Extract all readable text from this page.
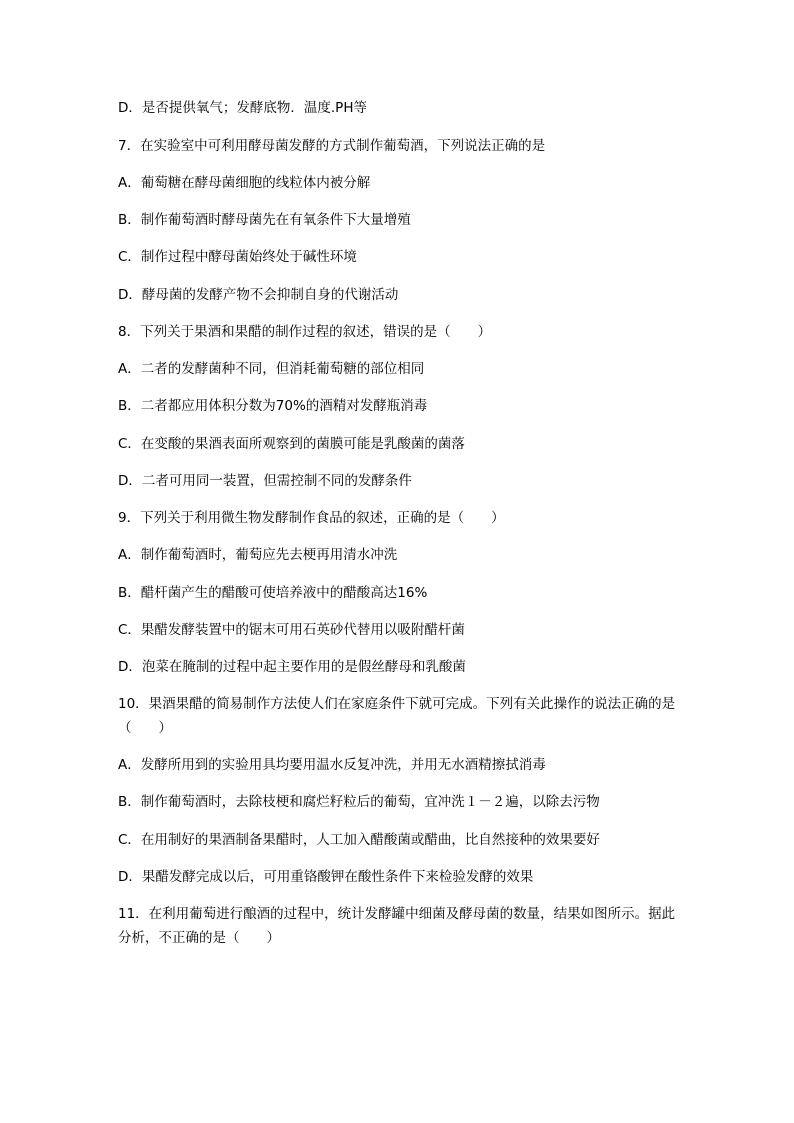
D．是否提供氧气；发酵底物．温度.PH等
7．在实验室中可利用酵母菌发酵的方式制作葡萄酒，下列说法正确的是
A．葡萄糖在酵母菌细胞的线粒体内被分解
B．制作葡萄酒时酵母菌先在有氧条件下大量增殖
C．制作过程中酵母菌始终处于碱性环境
D．酵母菌的发酵产物不会抑制自身的代谢活动
8．下列关于果酒和果醋的制作过程的叙述，错误的是（　　）
A．二者的发酵菌种不同，但消耗葡萄糖的部位相同
B．二者都应用体积分数为70%的酒精对发酵瓶消毒
C．在变酸的果酒表面所观察到的菌膜可能是乳酸菌的菌落
D．二者可用同一装置，但需控制不同的发酵条件
9．下列关于利用微生物发酵制作食品的叙述，正确的是（　　）
A．制作葡萄酒时，葡萄应先去梗再用清水冲洗
B．醋杆菌产生的醋酸可使培养液中的醋酸高达16%
C．果醋发酵装置中的锯末可用石英砂代替用以吸附醋杆菌
D．泡菜在腌制的过程中起主要作用的是假丝酵母和乳酸菌
10．果酒果醋的简易制作方法使人们在家庭条件下就可完成。下列有关此操作的说法正确的是（　　）
A．发酵所用到的实验用具均要用温水反复冲洗，并用无水酒精擦拭消毒
B．制作葡萄酒时，去除枝梗和腐烂籽粒后的葡萄，宜冲洗１－２遍，以除去污物
C．在用制好的果酒制备果醋时，人工加入醋酸菌或醋曲，比自然接种的效果要好
D．果醋发酵完成以后，可用重铬酸钾在酸性条件下来检验发酵的效果
11．在利用葡萄进行酿酒的过程中，统计发酵罐中细菌及酵母菌的数量，结果如图所示。据此分析，不正确的是（　　）
